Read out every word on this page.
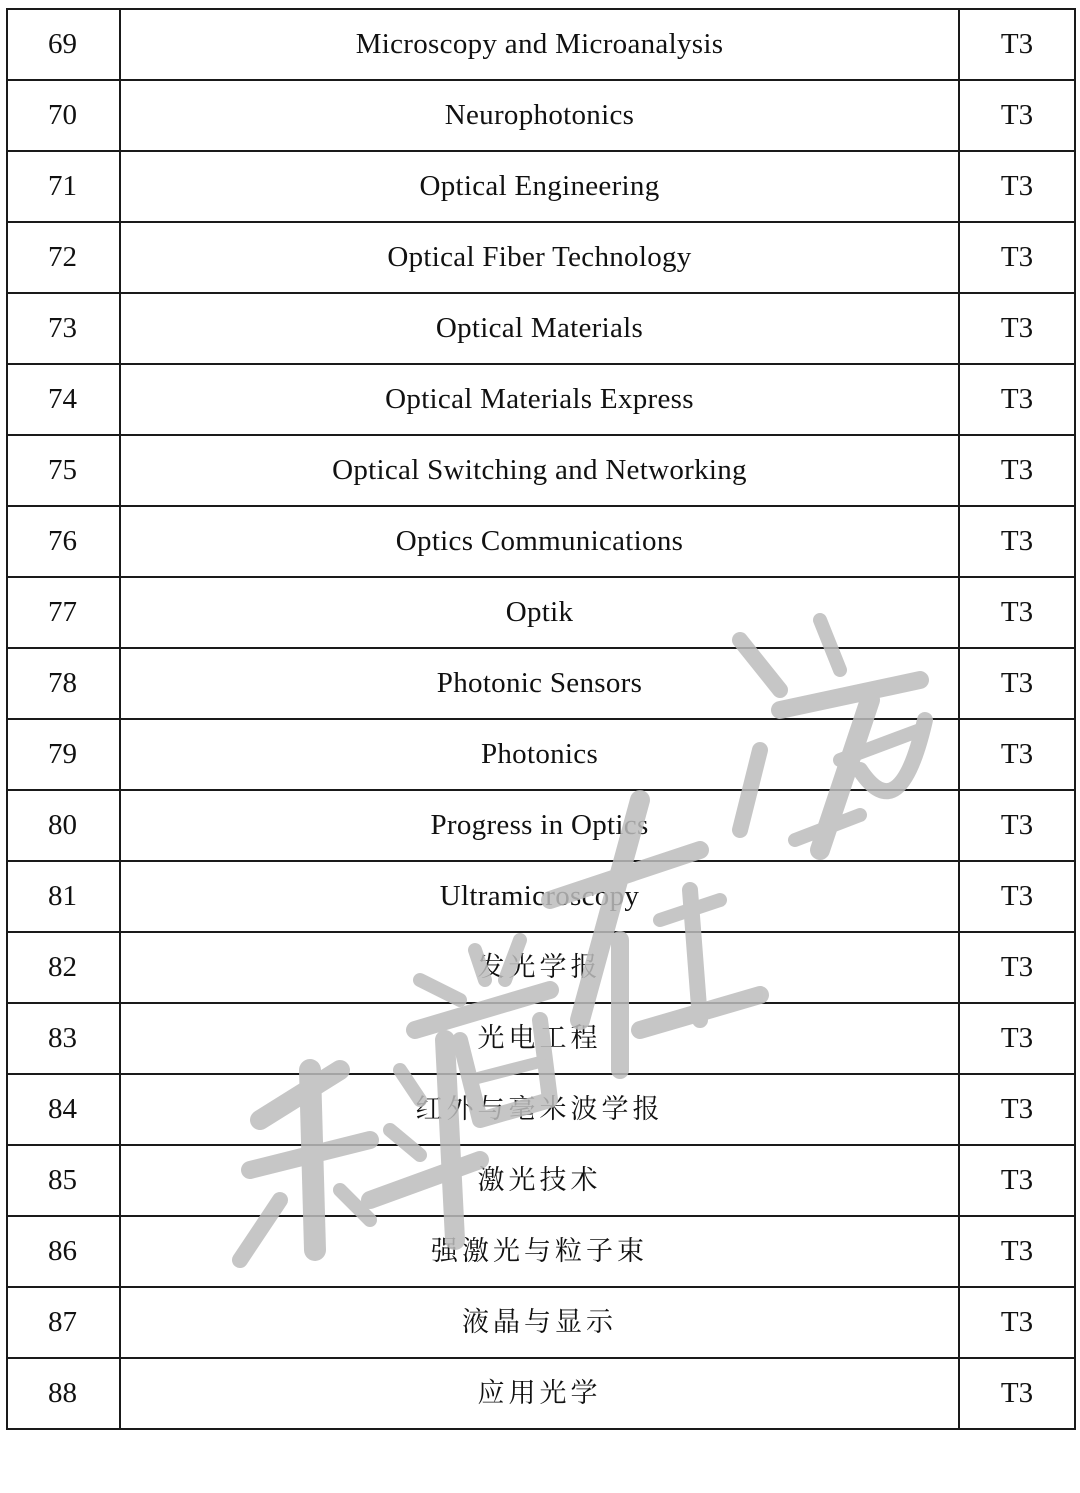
69	Microscopy and Microanalysis	T3
70	Neurophotonics	T3
71	Optical Engineering	T3
72	Optical Fiber Technology	T3
73	Optical Materials	T3
74	Optical Materials Express	T3
75	Optical Switching and Networking	T3
76	Optics Communications	T3
77	Optik	T3
78	Photonic Sensors	T3
79	Photonics	T3
80	Progress in Optics	T3
81	Ultramicroscopy	T3
82	发光学报	T3
83	光电工程	T3
84	红外与毫米波学报	T3
85	激光技术	T3
86	强激光与粒子束	T3
87	液晶与显示	T3
88	应用光学	T3
